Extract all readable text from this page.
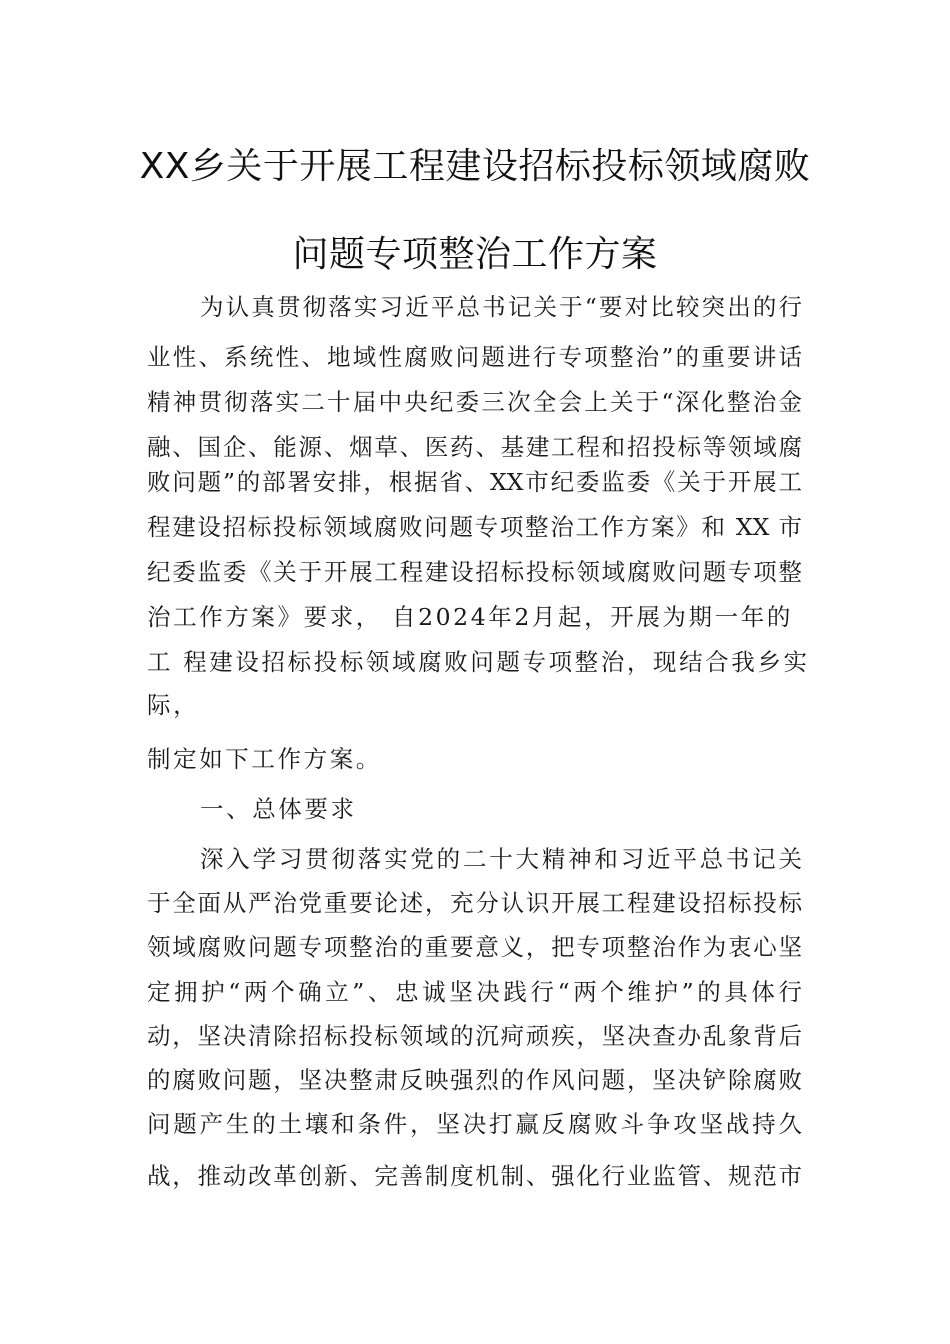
XX乡关于开展工程建设招标投标领域腐败
问题专项整治工作方案
为认真贯彻落实习近平总书记关于“要对比较突出的行
业性、系统性、地域性腐败问题进行专项整治”的重要讲话
精神贯彻落实二十届中央纪委三次全会上关于“深化整治金
融、国企、能源、烟草、医药、基建工程和招投标等领域腐
败问题”的部署安排，根据省、XX市纪委监委《关于开展工
程建设招标投标领域腐败问题专项整治工作方案》和 XX 市
纪委监委《关于开展工程建设招标投标领域腐败问题专项整
治工作方案》要求， 自2024年2月起，开展为期一年的
工 程建设招标投标领域腐败问题专项整治，现结合我乡实
际，
制定如下工作方案。
一、总体要求
深入学习贯彻落实党的二十大精神和习近平总书记关
于全面从严治党重要论述，充分认识开展工程建设招标投标
领域腐败问题专项整治的重要意义，把专项整治作为衷心坚
定拥护“两个确立”、忠诚坚决践行“两个维护”的具体行
动，坚决清除招标投标领域的沉疴顽疾，坚决查办乱象背后
的腐败问题，坚决整肃反映强烈的作风问题，坚决铲除腐败
问题产生的土壤和条件，坚决打赢反腐败斗争攻坚战持久
战，推动改革创新、完善制度机制、强化行业监管、规范市
